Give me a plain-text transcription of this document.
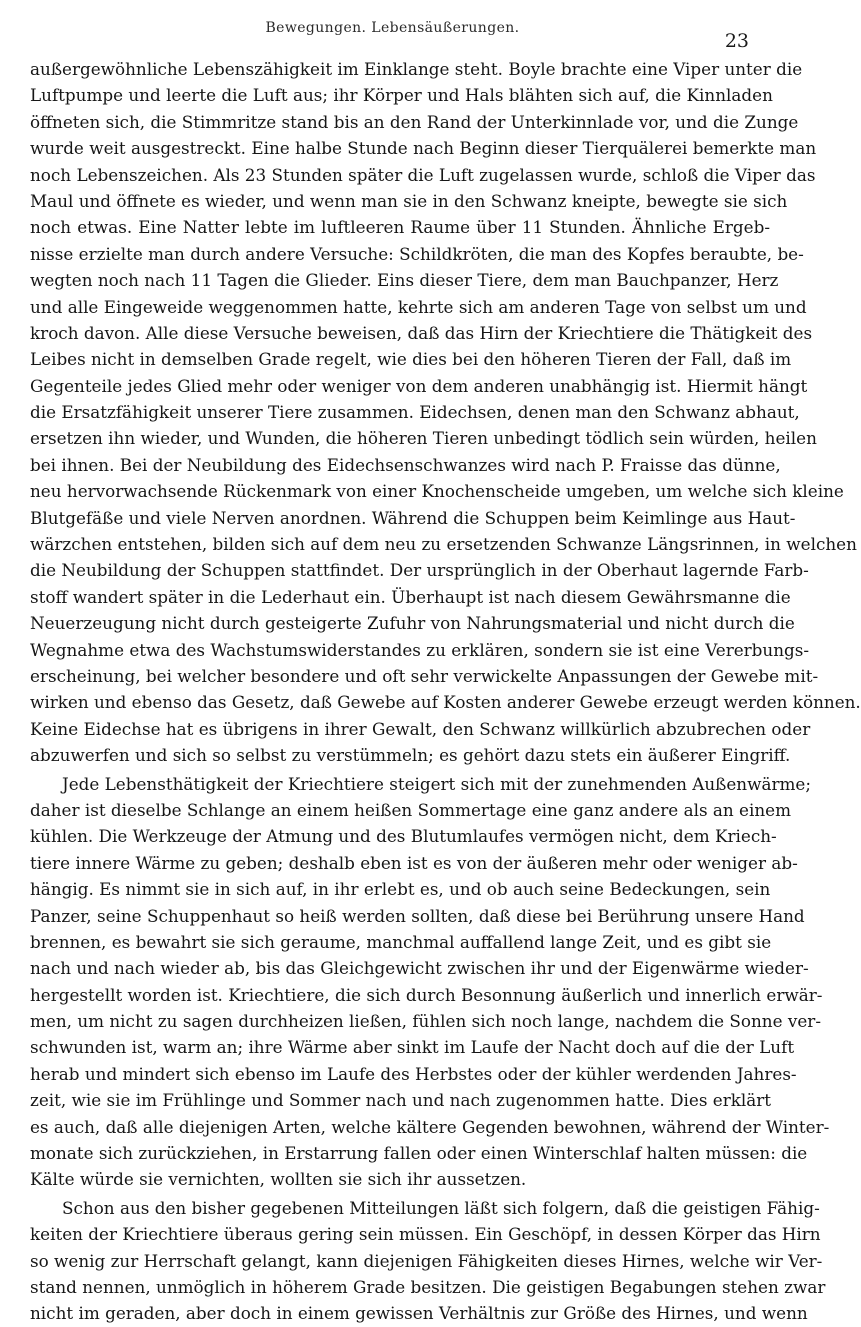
Bewegungen. Lebensäußerungen.
23
außergewöhnliche Lebenszähigkeit im Einklange steht. Boyle brachte eine Viper unter die
Luftpumpe und leerte die Luft aus; ihr Körper und Hals blähten sich auf, die Kinnladen
öffneten sich, die Stimmritze stand bis an den Rand der Unterkinnlade vor, und die Zunge
wurde weit ausgestreckt. Eine halbe Stunde nach Beginn dieser Tierquälerei bemerkte man
noch Lebenszeichen. Als 23 Stunden später die Luft zugelassen wurde, schloß die Viper das
Maul und öffnete es wieder, und wenn man sie in den Schwanz kneipte, bewegte sie sich
noch etwas. Eine Natter lebte im luftleeren Raume über 11 Stunden. Ähnliche Ergeb-
nisse erzielte man durch andere Versuche: Schildkröten, die man des Kopfes beraubte, be-
wegten noch nach 11 Tagen die Glieder. Eins dieser Tiere, dem man Bauchpanzer, Herz
und alle Eingeweide weggenommen hatte, kehrte sich am anderen Tage von selbst um und
kroch davon. Alle diese Versuche beweisen, daß das Hirn der Kriechtiere die Thätigkeit des
Leibes nicht in demselben Grade regelt, wie dies bei den höheren Tieren der Fall, daß im
Gegenteile jedes Glied mehr oder weniger von dem anderen unabhängig ist. Hiermit hängt
die Ersatzfähigkeit unserer Tiere zusammen. Eidechsen, denen man den Schwanz abhaut,
ersetzen ihn wieder, und Wunden, die höheren Tieren unbedingt tödlich sein würden, heilen
bei ihnen. Bei der Neubildung des Eidechsenschwanzes wird nach P. Fraisse das dünne,
neu hervorwachsende Rückenmark von einer Knochenscheide umgeben, um welche sich kleine
Blutgefäße und viele Nerven anordnen. Während die Schuppen beim Keimlinge aus Haut-
wärzchen entstehen, bilden sich auf dem neu zu ersetzenden Schwanze Längsrinnen, in welchen
die Neubildung der Schuppen stattfindet. Der ursprünglich in der Oberhaut lagernde Farb-
stoff wandert später in die Lederhaut ein. Überhaupt ist nach diesem Gewährsmanne die
Neuerzeugung nicht durch gesteigerte Zufuhr von Nahrungsmaterial und nicht durch die
Wegnahme etwa des Wachstumswiderstandes zu erklären, sondern sie ist eine Vererbungs-
erscheinung, bei welcher besondere und oft sehr verwickelte Anpassungen der Gewebe mit-
wirken und ebenso das Gesetz, daß Gewebe auf Kosten anderer Gewebe erzeugt werden können.
Keine Eidechse hat es übrigens in ihrer Gewalt, den Schwanz willkürlich abzubrechen oder
abzuwerfen und sich so selbst zu verstümmeln; es gehört dazu stets ein äußerer Eingriff.
Jede Lebensthätigkeit der Kriechtiere steigert sich mit der zunehmenden Außenwärme;
daher ist dieselbe Schlange an einem heißen Sommertage eine ganz andere als an einem
kühlen. Die Werkzeuge der Atmung und des Blutumlaufes vermögen nicht, dem Kriech-
tiere innere Wärme zu geben; deshalb eben ist es von der äußeren mehr oder weniger ab-
hängig. Es nimmt sie in sich auf, in ihr erlebt es, und ob auch seine Bedeckungen, sein
Panzer, seine Schuppenhaut so heiß werden sollten, daß diese bei Berührung unsere Hand
brennen, es bewahrt sie sich geraume, manchmal auffallend lange Zeit, und es gibt sie
nach und nach wieder ab, bis das Gleichgewicht zwischen ihr und der Eigenwärme wieder-
hergestellt worden ist. Kriechtiere, die sich durch Besonnung äußerlich und innerlich erwär-
men, um nicht zu sagen durchheizen ließen, fühlen sich noch lange, nachdem die Sonne ver-
schwunden ist, warm an; ihre Wärme aber sinkt im Laufe der Nacht doch auf die der Luft
herab und mindert sich ebenso im Laufe des Herbstes oder der kühler werdenden Jahres-
zeit, wie sie im Frühlinge und Sommer nach und nach zugenommen hatte. Dies erklärt
es auch, daß alle diejenigen Arten, welche kältere Gegenden bewohnen, während der Winter-
monate sich zurückziehen, in Erstarrung fallen oder einen Winterschlaf halten müssen: die
Kälte würde sie vernichten, wollten sie sich ihr aussetzen.
Schon aus den bisher gegebenen Mitteilungen läßt sich folgern, daß die geistigen Fähig-
keiten der Kriechtiere überaus gering sein müssen. Ein Geschöpf, in dessen Körper das Hirn
so wenig zur Herrschaft gelangt, kann diejenigen Fähigkeiten dieses Hirnes, welche wir Ver-
stand nennen, unmöglich in höherem Grade besitzen. Die geistigen Begabungen stehen zwar
nicht im geraden, aber doch in einem gewissen Verhältnis zur Größe des Hirnes, und wenn
